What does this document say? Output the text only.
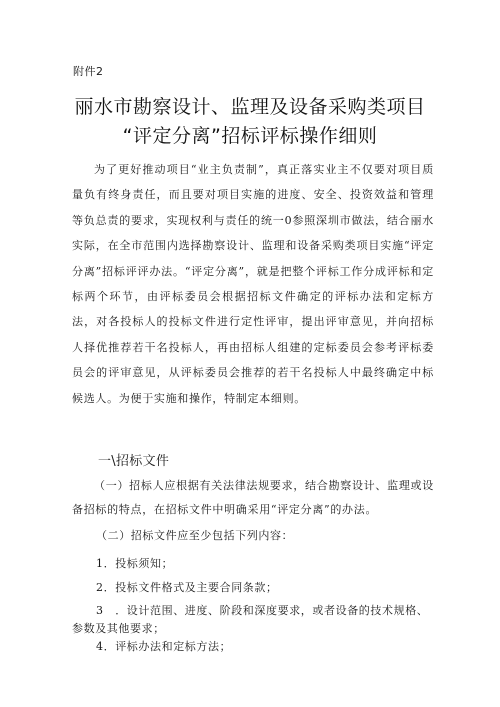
附件2
丽水市勘察设计、监理及设备采购类项目
“评定分离”招标评标操作细则

为了更好推动项目“业主负责制”，真正落实业主不仅要对项目质量负有终身责任，而且要对项目实施的进度、安全、投资效益和管理等负总责的要求，实现权利与责任的统一0参照深圳市做法，结合丽水实际，在全市范围内选择勘察设计、监理和设备采购类项目实施“评定分离”招标评评办法。“评定分离”，就是把整个评标工作分成评标和定标两个环节，由评标委员会根据招标文件确定的评标办法和定标方法，对各投标人的投标文件进行定性评审，提出评审意见，并向招标人择优推荐若干名投标人，再由招标人组建的定标委员会参考评标委员会的评审意见，从评标委员会推荐的若干名投标人中最终确定中标候选人。为便于实施和操作，特制定本细则。

一\招标文件

（一）招标人应根据有关法律法规要求，结合勘察设计、监理或设备招标的特点，在招标文件中明确采用“评定分离”的办法。

（二）招标文件应至少包括下列内容：

1．投标须知；

2．投标文件格式及主要合同条款；

3　．设计范围、进度、阶段和深度要求，或者设备的技术规格、参数及其他要求；

4．评标办法和定标方法；
